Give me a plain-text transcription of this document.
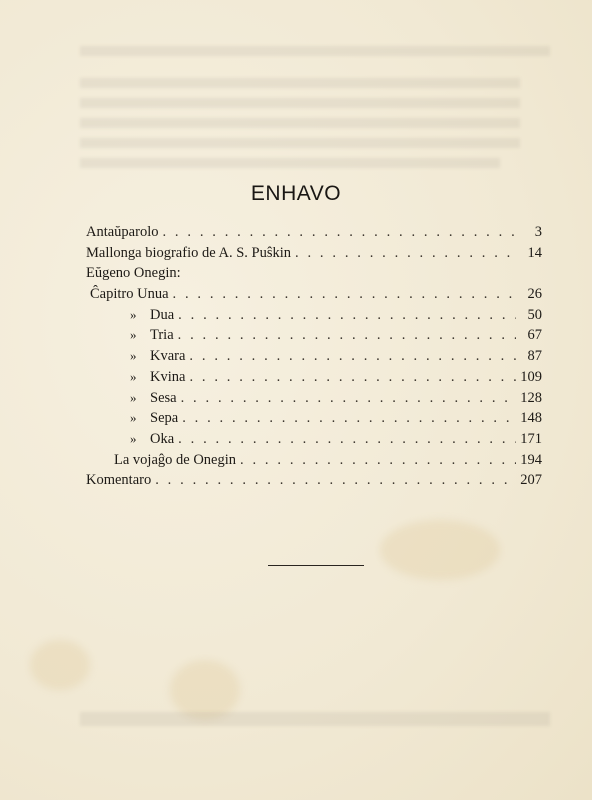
ENHAVO
Antaŭparolo . . .	3
Mallonga biografio de A. S. Puŝkin . . .	14
Eŭgeno Onegin:
Ĉapitro Unua . . .	26
» Dua . . .	50
» Tria . . .	67
» Kvara . . .	87
» Kvina . . .	109
» Sesa . . .	128
» Sepa . . .	148
» Oka . . .	171
La vojaĝo de Onegin . . .	194
Komentaro . . .	207
